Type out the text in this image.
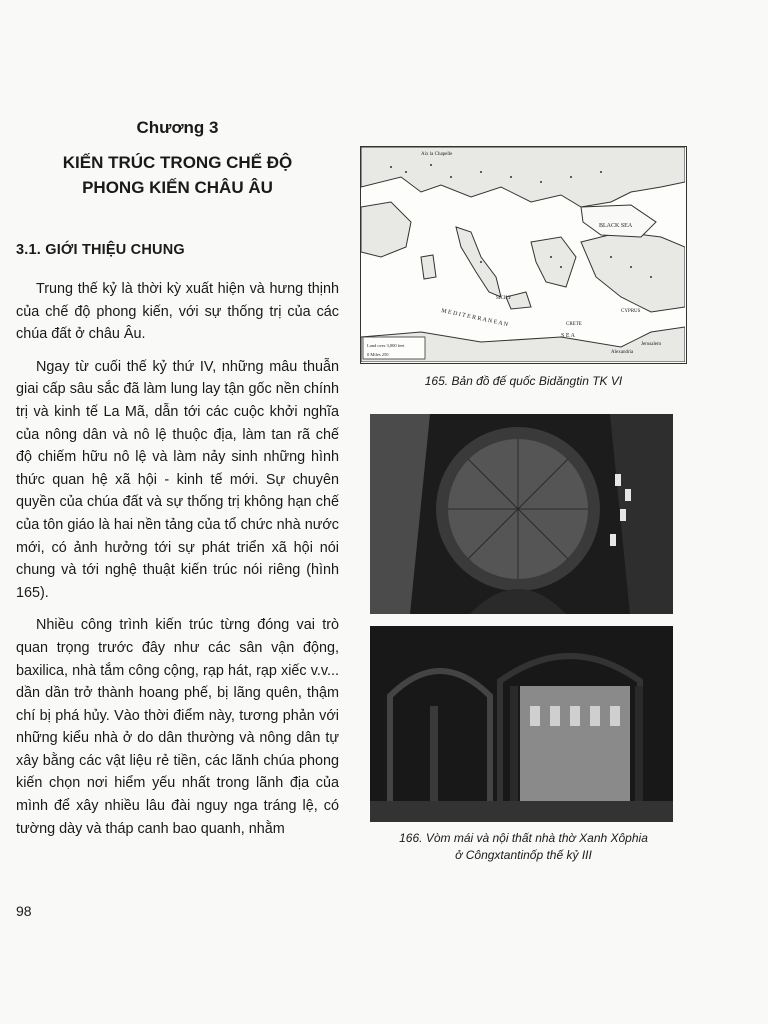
Chương 3
KIẾN TRÚC TRONG CHẾ ĐỘ
PHONG KIẾN CHÂU ÂU
3.1. GIỚI THIỆU CHUNG

Trung thế kỷ là thời kỳ xuất hiện và hưng thịnh của chế độ phong kiến, với sự thống trị của các chúa đất ở châu Âu.

Ngay từ cuối thế kỷ thứ IV, những mâu thuẫn giai cấp sâu sắc đã làm lung lay tận gốc nền chính trị và kinh tế La Mã, dẫn tới các cuộc khởi nghĩa của nông dân và nô lệ thuộc địa, làm tan rã chế độ chiếm hữu nô lệ và làm nảy sinh những hình thức quan hệ xã hội - kinh tế mới. Sự chuyên quyền của chúa đất và sự thống trị không hạn chế của tôn giáo là hai nền tảng của tổ chức nhà nước mới, có ảnh hưởng tới sự phát triển xã hội nói chung và tới nghệ thuật kiến trúc nói riêng (hình 165).

Nhiều công trình kiến trúc từng đóng vai trò quan trọng trước đây như các sân vận động, baxilica, nhà tắm công cộng, rạp hát, rạp xiếc v.v... dần dần trở thành hoang phế, bị lãng quên, thậm chí bị phá hủy. Vào thời điểm này, tương phản với những kiểu nhà ở do dân thường và nông dân tự xây bằng các vật liệu rẻ tiền, các lãnh chúa phong kiến chọn nơi hiểm yếu nhất trong lãnh địa của mình để xây nhiều lâu đài nguy nga tráng lệ, có tường dày và tháp canh bao quanh, nhằm

Aix la Chapelle
BLACK SEA
M E D I T E R R A N E A N
S E A
SICILY
CRETE
CYPRUS
Alexandria
Jerusalem
Land over 3,000 feet
0 Miles 250
165. Bản đồ đế quốc Bidăngtin TK VI
166. Vòm mái và nội thất nhà thờ Xanh Xôphia
ở Côngxtantinốp thế kỷ III
98
